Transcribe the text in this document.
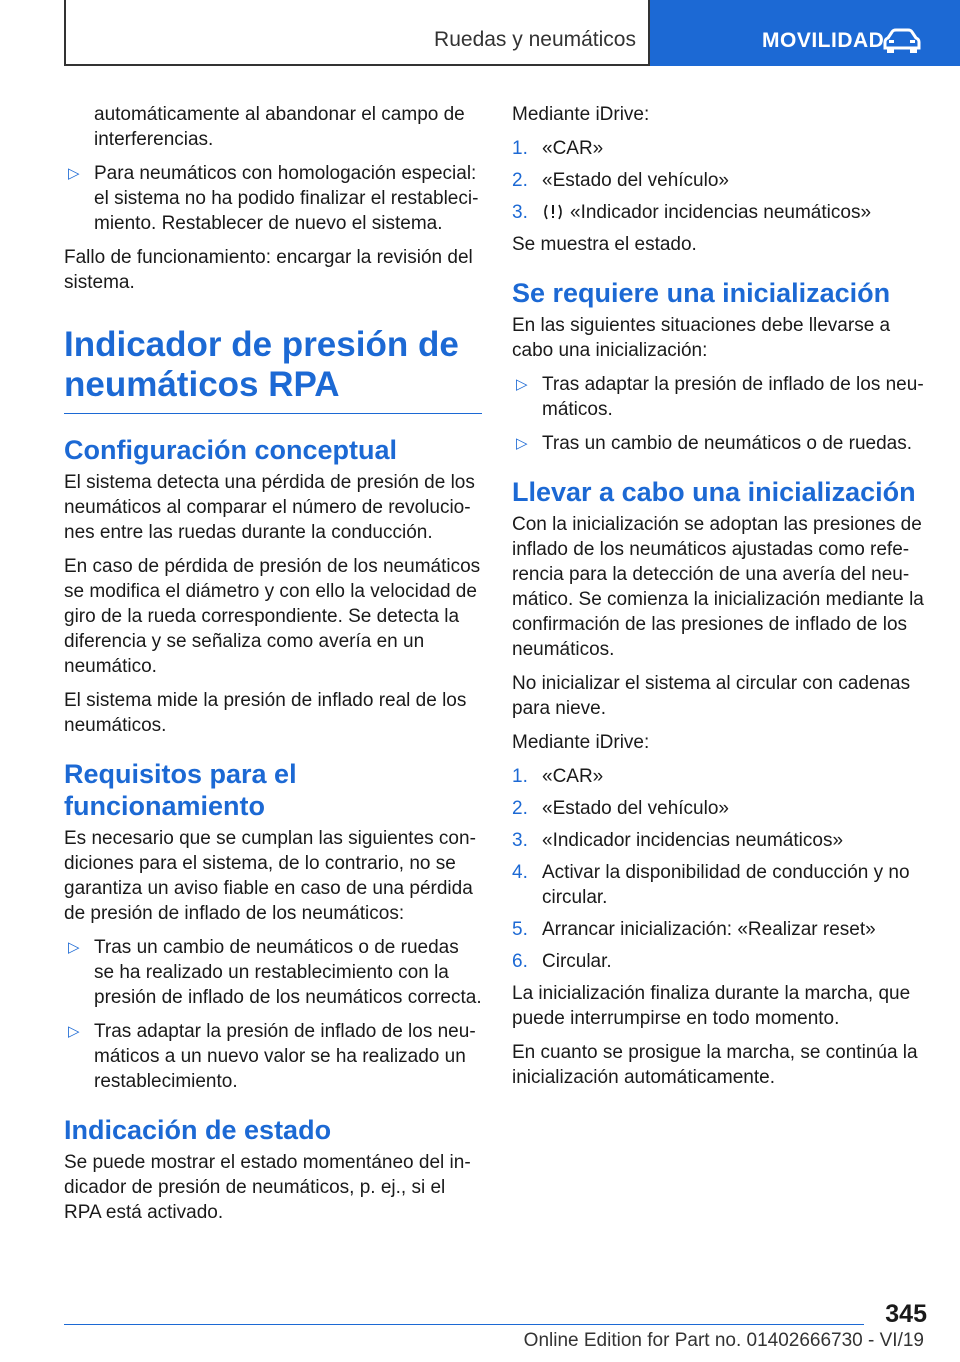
Ruedas y neumáticos	MOVILIDAD

automáticamente al abandonar el campo de interferencias.

▷ Para neumáticos con homologación especial: el sistema no ha podido finalizar el restablecimiento. Restablecer de nuevo el sistema.

Fallo de funcionamiento: encargar la revisión del sistema.

Indicador de presión de neumáticos RPA
Configuración conceptual

El sistema detecta una pérdida de presión de los neumáticos al comparar el número de revoluciones entre las ruedas durante la conducción.

En caso de pérdida de presión de los neumáticos se modifica el diámetro y con ello la velocidad de giro de la rueda correspondiente. Se detecta la diferencia y se señaliza como avería en un neumático.

El sistema mide la presión de inflado real de los neumáticos.

Requisitos para el funcionamiento

Es necesario que se cumplan las siguientes condiciones para el sistema, de lo contrario, no se garantiza un aviso fiable en caso de una pérdida de presión de inflado de los neumáticos:

▷ Tras un cambio de neumáticos o de ruedas se ha realizado un restablecimiento con la presión de inflado de los neumáticos correcta.
▷ Tras adaptar la presión de inflado de los neumáticos a un nuevo valor se ha realizado un restablecimiento.
Indicación de estado

Se puede mostrar el estado momentáneo del indicador de presión de neumáticos, p. ej., si el RPA está activado.

Mediante iDrive:

1. «CAR»
2. «Estado del vehículo»
3. «Indicador incidencias neumáticos»

Se muestra el estado.

Se requiere una inicialización

En las siguientes situaciones debe llevarse a cabo una inicialización:

▷ Tras adaptar la presión de inflado de los neumáticos.
▷ Tras un cambio de neumáticos o de ruedas.
Llevar a cabo una inicialización

Con la inicialización se adoptan las presiones de inflado de los neumáticos ajustadas como referencia para la detección de una avería del neumático. Se comienza la inicialización mediante la confirmación de las presiones de inflado de los neumáticos.

No inicializar el sistema al circular con cadenas para nieve.

Mediante iDrive:

1. «CAR»
2. «Estado del vehículo»
3. «Indicador incidencias neumáticos»
4. Activar la disponibilidad de conducción y no circular.
5. Arrancar inicialización: «Realizar reset»
6. Circular.

La inicialización finaliza durante la marcha, que puede interrumpirse en todo momento.

En cuanto se prosigue la marcha, se continúa la inicialización automáticamente.

345
Online Edition for Part no. 01402666730 - VI/19
